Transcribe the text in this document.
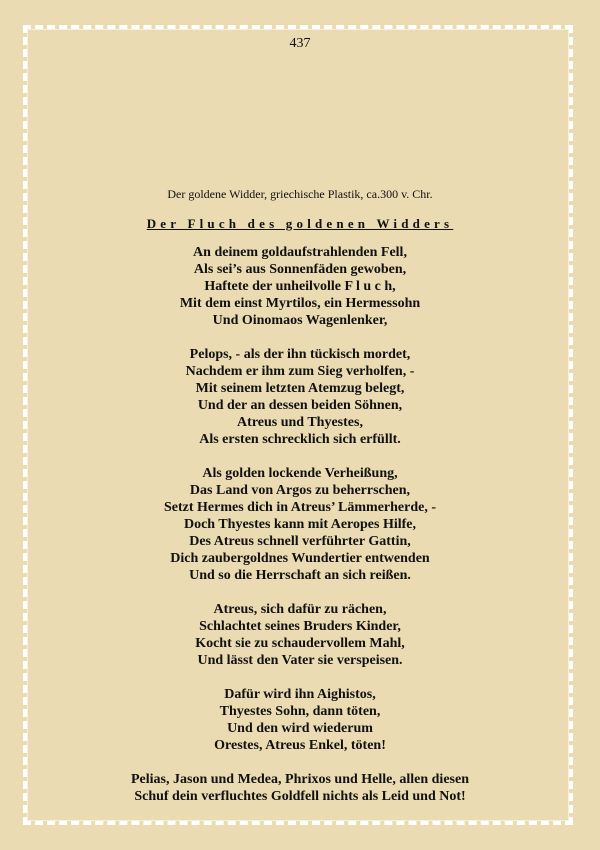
437

Der goldene Widder, griechische Plastik, ca.300 v. Chr.

Der Fluch des goldenen Widders

An deinem goldaufstrahlenden Fell,
Als sei’s aus Sonnenfäden gewoben,
Haftete der unheilvolle F l u c h,
Mit dem einst Myrtilos, ein Hermessohn
Und Oinomaos Wagenlenker,
Pelops, - als der ihn tückisch mordet,
Nachdem er ihm zum Sieg verholfen, -
Mit seinem letzten Atemzug belegt,
Und der an dessen beiden Söhnen,
Atreus und Thyestes,
Als ersten schrecklich sich erfüllt.
Als golden lockende Verheißung,
Das Land von Argos zu beherrschen,
Setzt Hermes dich in Atreus’ Lämmerherde, -
Doch Thyestes kann mit Aeropes Hilfe,
Des Atreus schnell verführter Gattin,
Dich zaubergoldnes Wundertier entwenden
Und so die Herrschaft an sich reißen.
Atreus, sich dafür zu rächen,
Schlachtet seines Bruders Kinder,
Kocht sie zu schaudervollem Mahl,
Und lässt den Vater sie verspeisen.
Dafür wird ihn Aighistos,
Thyestes Sohn, dann töten,
Und den wird wiederum
Orestes, Atreus Enkel, töten!
Pelias, Jason und Medea, Phrixos und Helle, allen diesen
Schuf dein verfluchtes Goldfell nichts als Leid und Not!
